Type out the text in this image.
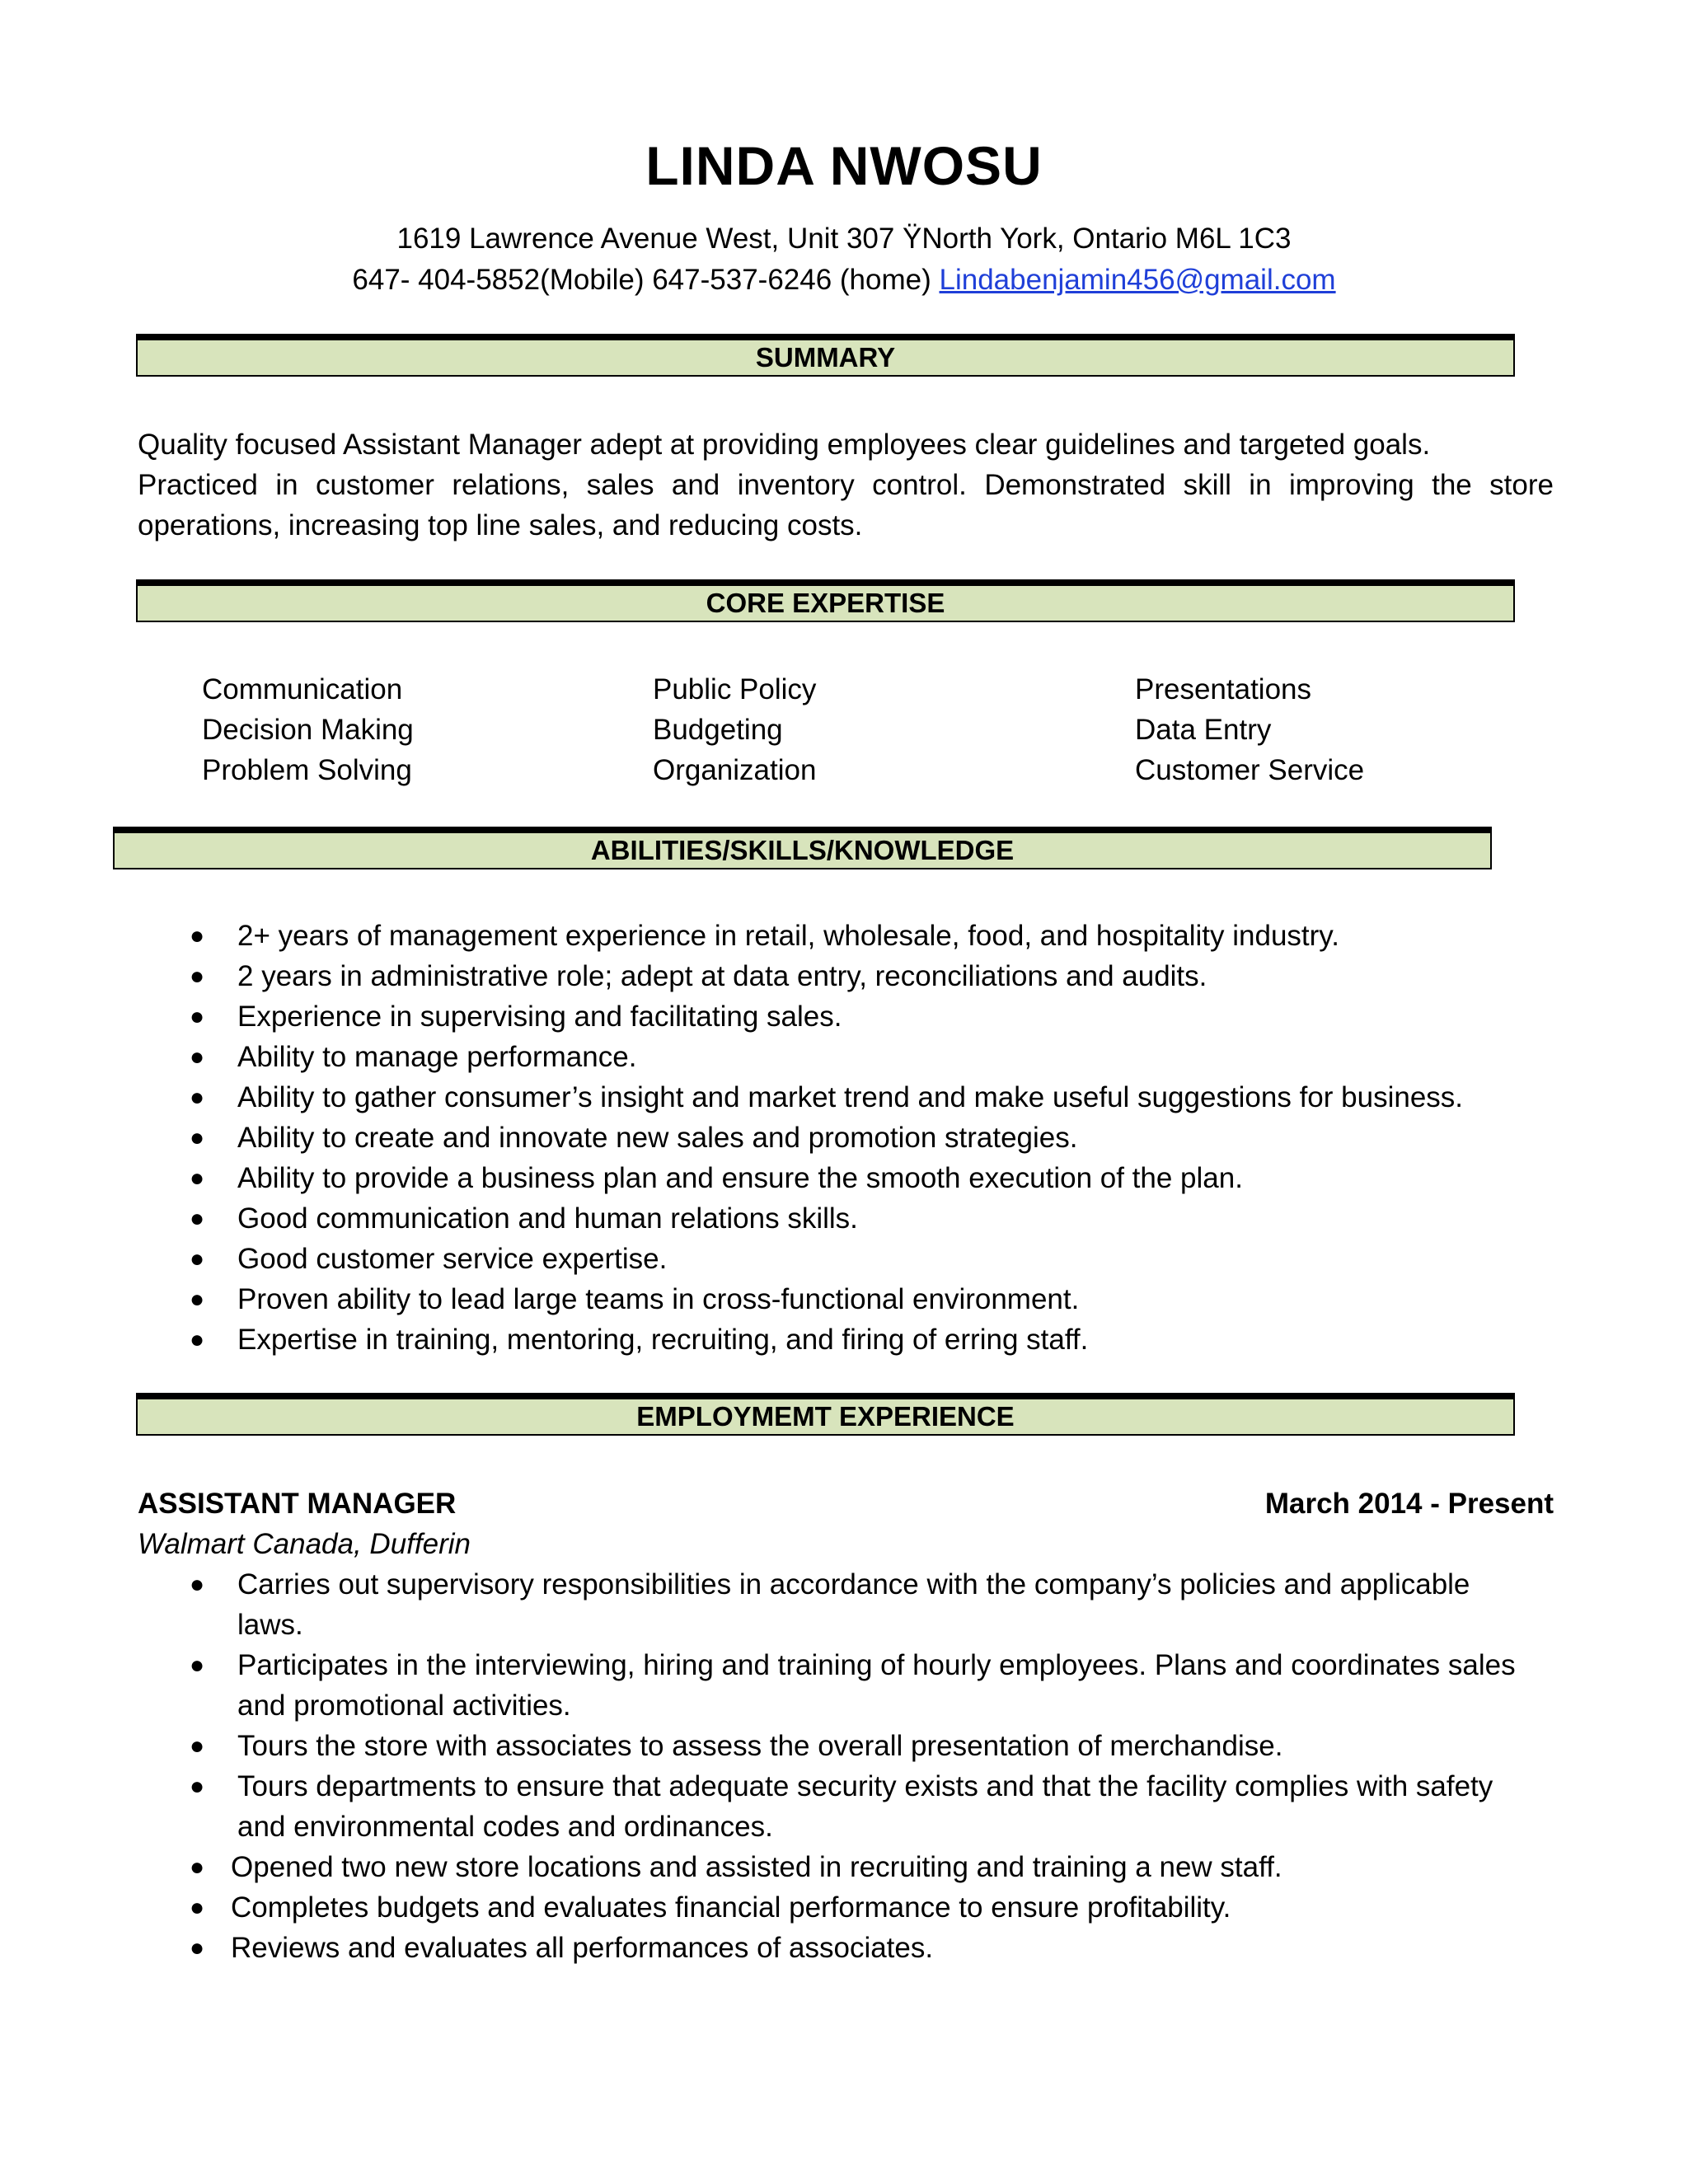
LINDA NWOSU
1619 Lawrence Avenue West, Unit 307 ŸNorth York, Ontario M6L 1C3
647- 404-5852(Mobile) 647-537-6246 (home) Lindabenjamin456@gmail.com
SUMMARY

Quality focused Assistant Manager adept at providing employees clear guidelines and targeted goals.

Practiced in customer relations, sales and inventory control. Demonstrated skill in improving the store

operations, increasing top line sales, and reducing costs.

CORE EXPERTISE
Communication
Decision Making
Problem Solving
Public Policy
Budgeting
Organization
Presentations
Data Entry
Customer Service
ABILITIES/SKILLS/KNOWLEDGE
● 2+ years of management experience in retail, wholesale, food, and hospitality industry.
● 2 years in administrative role; adept at data entry, reconciliations and audits.
● Experience in supervising and facilitating sales.
● Ability to manage performance.
● Ability to gather consumer’s insight and market trend and make useful suggestions for business.
● Ability to create and innovate new sales and promotion strategies.
● Ability to provide a business plan and ensure the smooth execution of the plan.
● Good communication and human relations skills.
● Good customer service expertise.
● Proven ability to lead large teams in cross-functional environment.
● Expertise in training, mentoring, recruiting, and firing of erring staff.
EMPLOYMEMT EXPERIENCE
ASSISTANT MANAGER	March 2014 - Present
Walmart Canada, Dufferin
● Carries out supervisory responsibilities in accordance with the company’s policies and applicable laws.
● Participates in the interviewing, hiring and training of hourly employees. Plans and coordinates sales and promotional activities.
● Tours the store with associates to assess the overall presentation of merchandise.
● Tours departments to ensure that adequate security exists and that the facility complies with safety and environmental codes and ordinances.
● Opened two new store locations and assisted in recruiting and training a new staff.
● Completes budgets and evaluates financial performance to ensure profitability.
● Reviews and evaluates all performances of associates.
